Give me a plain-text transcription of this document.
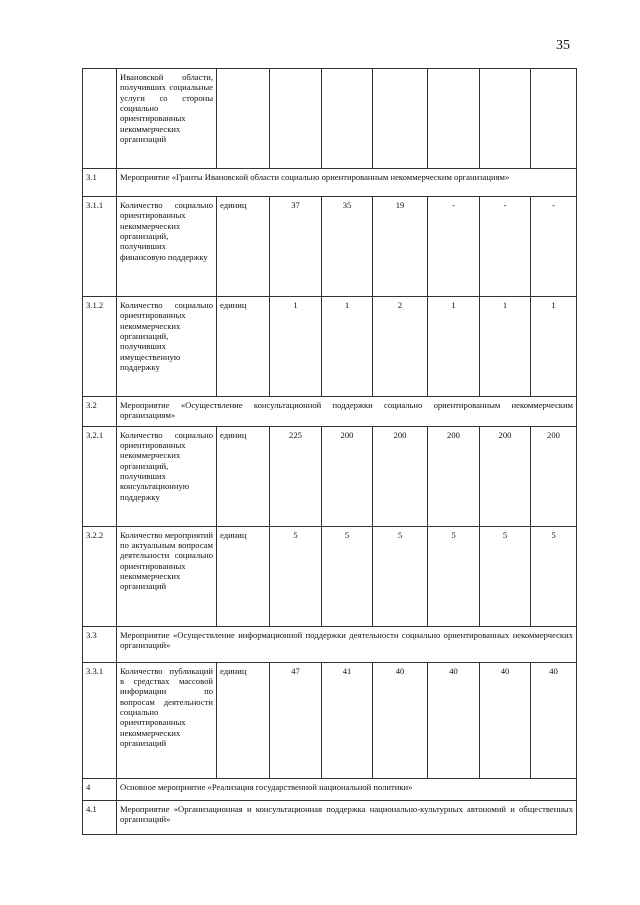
35
	Ивановской области, получивших социальные услуги со стороны социально ориентированных некоммерческих организаций							
3.1	Мероприятие «Гранты Ивановской области социально ориентированным некоммерческим организациям»							
3.1.1	Количество социально ориентированных некоммерческих организаций, получивших финансовую поддержку	единиц	37	35	19	-	-	-
3.1.2	Количество социально ориентированных некоммерческих организаций, получивших имущественную поддержку	единиц	1	1	2	1	1	1
3.2	Мероприятие «Осуществление консультационной поддержки социально ориентированным некоммерческим организациям»							
3.2.1	Количество социально ориентированных некоммерческих организаций, получивших консультационную поддержку	единиц	225	200	200	200	200	200
3.2.2	Количество мероприятий по актуальным вопросам деятельности социально ориентированных некоммерческих организаций	единиц	5	5	5	5	5	5
3.3	Мероприятие «Осуществление информационной поддержки деятельности социально ориентированных некоммерческих организаций»							
3.3.1	Количество публикаций в средствах массовой информации по вопросам деятельности социально ориентированных некоммерческих организаций	единиц	47	41	40	40	40	40
4	Основное мероприятие «Реализация государственной национальной политики»							
4.1	Мероприятие «Организационная и консультационная поддержка национально-культурных автономий и общественных организаций»							
